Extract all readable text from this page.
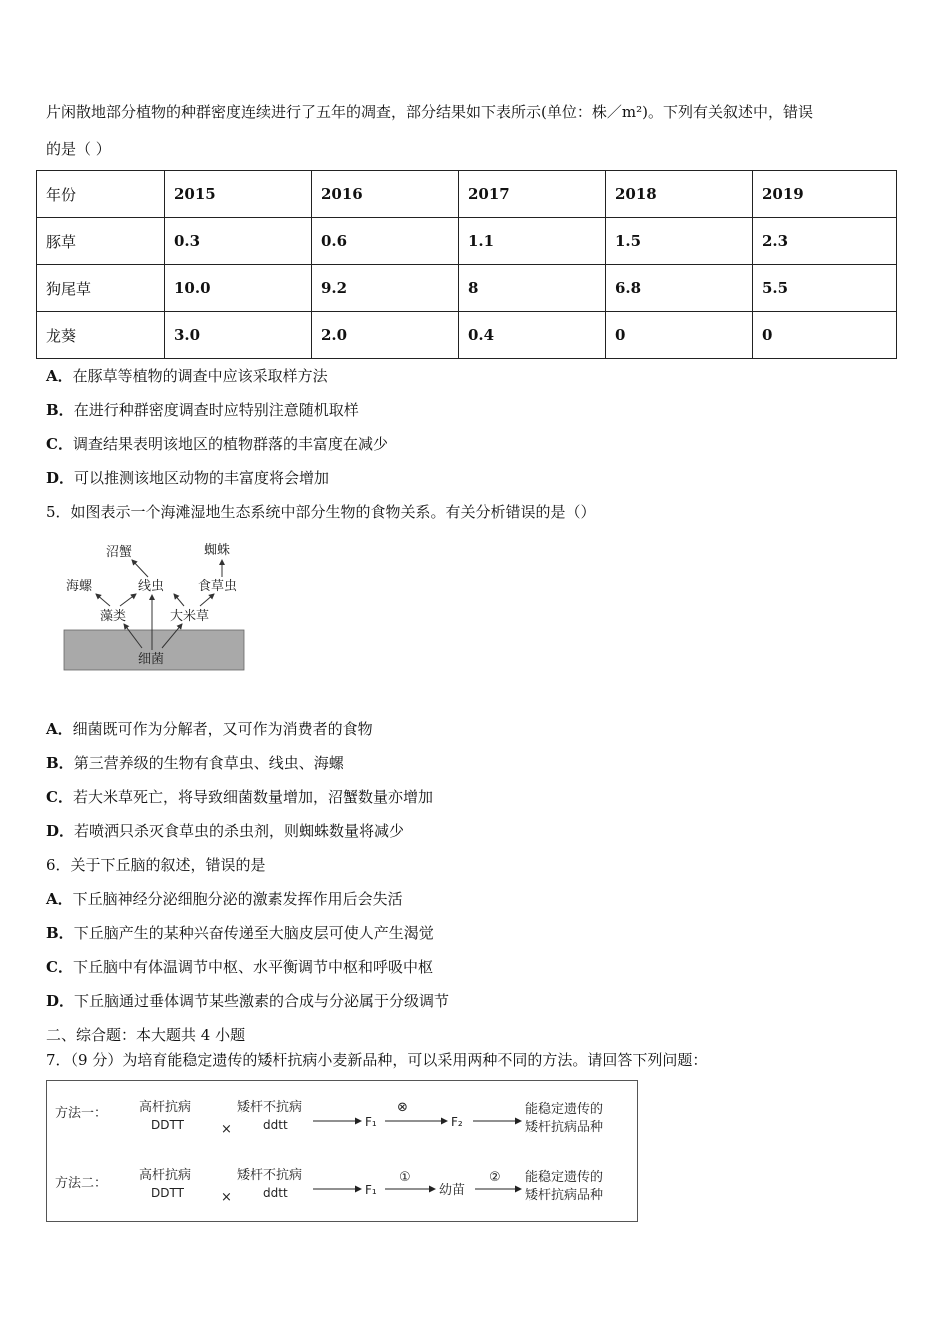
片闲散地部分植物的种群密度连续进行了五年的凋查，部分结果如下表所示(单位：株／m²)。下列有关叙述中，错误
的是（ ）
年份	2015	2016	2017	2018	2019
豚草	0.3	0.6	1.1	1.5	2.3
狗尾草	10.0	9.2	8	6.8	5.5
龙葵	3.0	2.0	0.4	0	0
A．在豚草等植物的调查中应该采取样方法
B．在进行种群密度调查时应特别注意随机取样
C．调查结果表明该地区的植物群落的丰富度在减少
D．可以推测该地区动物的丰富度将会增加
5．如图表示一个海滩湿地生态系统中部分生物的食物关系。有关分析错误的是（）
沼蟹	蜘蛛
海螺	线虫	食草虫
藻类	大米草
细菌
A．细菌既可作为分解者，又可作为消费者的食物
B．第三营养级的生物有食草虫、线虫、海螺
C．若大米草死亡，将导致细菌数量增加，沼蟹数量亦增加
D．若喷洒只杀灭食草虫的杀虫剂，则蜘蛛数量将减少
6．关于下丘脑的叙述，错误的是
A．下丘脑神经分泌细胞分泌的激素发挥作用后会失活
B．下丘脑产生的某种兴奋传递至大脑皮层可使人产生渴觉
C．下丘脑中有体温调节中枢、水平衡调节中枢和呼吸中枢
D．下丘脑通过垂体调节某些激素的合成与分泌属于分级调节
二、综合题：本大题共 4 小题
7．（9 分）为培育能稳定遗传的矮杆抗病小麦新品种，可以采用两种不同的方法。请回答下列问题：
方法一： 高杆抗病
DDTT	×
矮杆不抗病
ddtt	F₁
⊗
F₂
能稳定遗传的
矮杆抗病品种
方法二：
高杆抗病
DDTT	×
矮杆不抗病
ddtt	F₁
①
幼苗
② 能稳定遗传的
矮杆抗病品种
